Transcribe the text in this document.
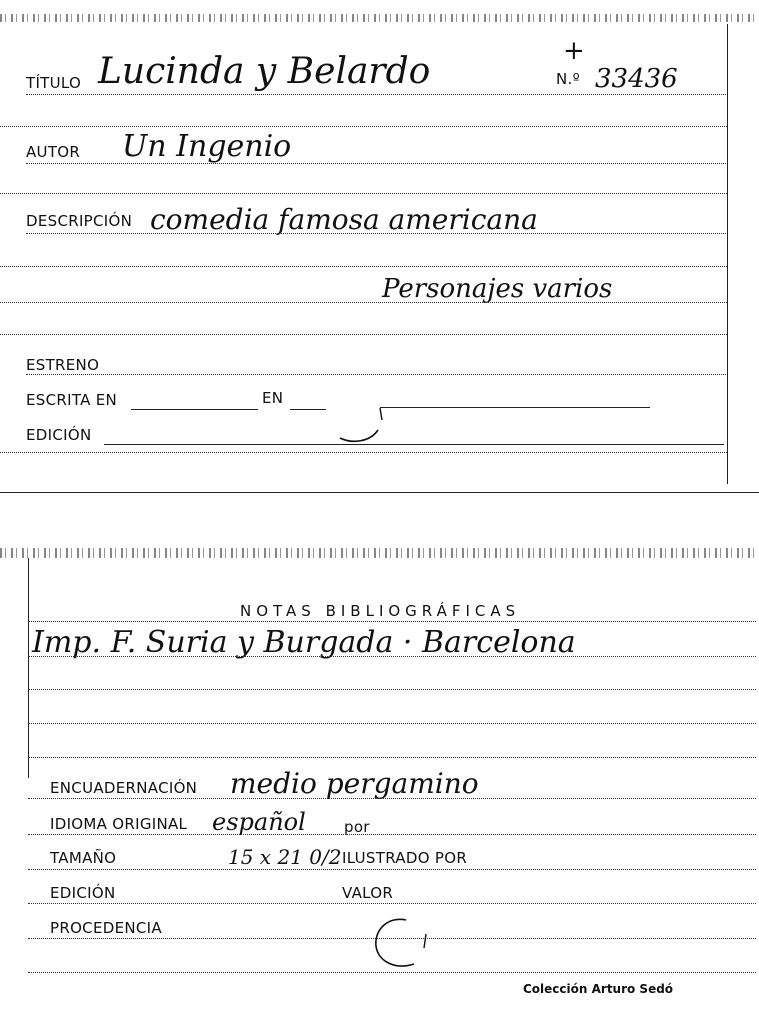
TÍTULO Lucinda y Belardo	N.º
+
33436
AUTOR Un Ingenio
DESCRIPCIÓN comedia famosa americana
Personajes varios
ESTRENO
ESCRITA EN	EN
EDICIÓN
NOTAS BIBLIOGRÁFICAS
Imp. F. Suria y Burgada · Barcelona
ENCUADERNACIÓN medio pergamino
IDIOMA ORIGINAL español	por
TAMAÑO	15 x 21 0/2 ILUSTRADO POR
EDICIÓN	VALOR
PROCEDENCIA
Colección Arturo Sedó
